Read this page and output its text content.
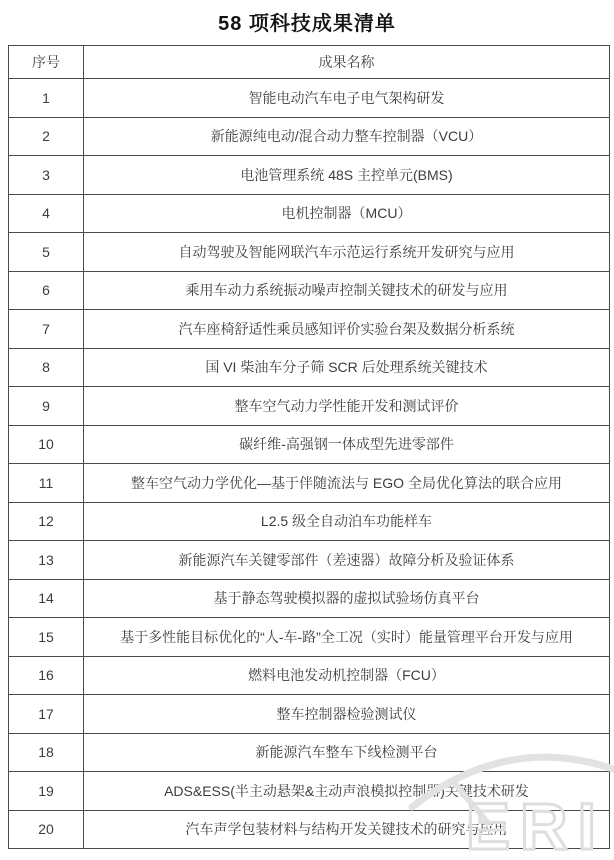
58 项科技成果清单
序号	成果名称
1	智能电动汽车电子电气架构研发
2	新能源纯电动/混合动力整车控制器（VCU）
3	电池管理系统 48S 主控单元(BMS)
4	电机控制器（MCU）
5	自动驾驶及智能网联汽车示范运行系统开发研究与应用
6	乘用车动力系统振动噪声控制关键技术的研发与应用
7	汽车座椅舒适性乘员感知评价实验台架及数据分析系统
8	国 VI 柴油车分子筛 SCR 后处理系统关键技术
9	整车空气动力学性能开发和测试评价
10	碳纤维-高强钢一体成型先进零部件
11	整车空气动力学优化—基于伴随流法与 EGO 全局优化算法的联合应用
12	L2.5 级全自动泊车功能样车
13	新能源汽车关键零部件（差速器）故障分析及验证体系
14	基于静态驾驶模拟器的虚拟试验场仿真平台
15	基于多性能目标优化的“人-车-路”全工况（实时）能量管理平台开发与应用
16	燃料电池发动机控制器（FCU）
17	整车控制器检验测试仪
18	新能源汽车整车下线检测平台
19	ADS&ESS(半主动悬架&主动声浪模拟控制器)关键技术研发
20	汽车声学包装材料与结构开发关键技术的研究与应用
ERI
